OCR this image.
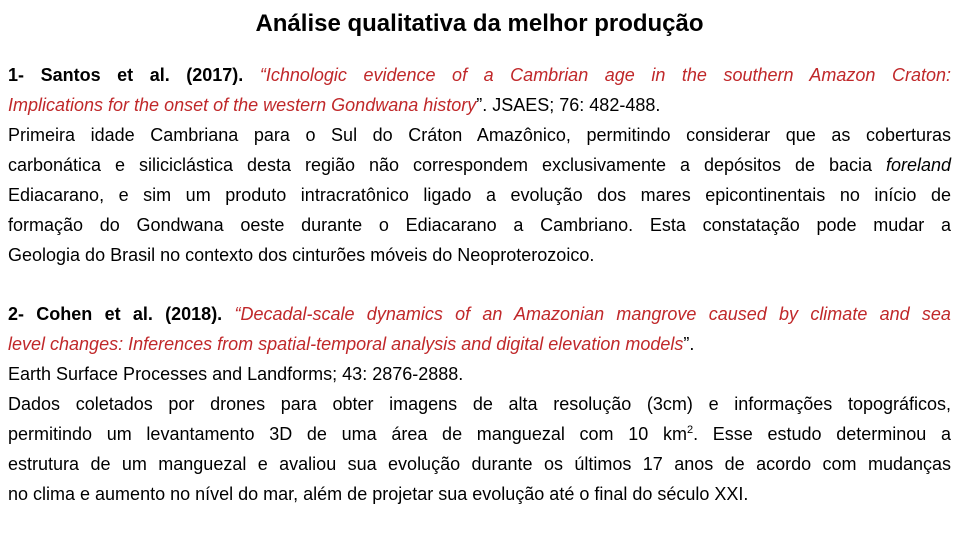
Análise qualitativa da melhor produção

1- Santos et al. (2017). “Ichnologic evidence of a Cambrian age in the southern Amazon Craton:

Implications for the onset of the western Gondwana history”. JSAES; 76: 482-488.

Primeira idade Cambriana para o Sul do Cráton Amazônico, permitindo considerar que as coberturas

carbonática e siliciclástica desta região não correspondem exclusivamente a depósitos de bacia foreland

Ediacarano, e sim um produto intracratônico ligado a evolução dos mares epicontinentais no início de

formação do Gondwana oeste durante o Ediacarano a Cambriano. Esta constatação pode mudar a

Geologia do Brasil no contexto dos cinturões móveis do Neoproterozoico.

2- Cohen et al. (2018). “Decadal-scale dynamics of an Amazonian mangrove caused by climate and sea

level changes: Inferences from spatial-temporal analysis and digital elevation models”.

Earth Surface Processes and Landforms; 43: 2876-2888.

Dados coletados por drones para obter imagens de alta resolução (3cm) e informações topográficos,

permitindo um levantamento 3D de uma área de manguezal com 10 $km^2$. Esse estudo determinou a

estrutura de um manguezal e avaliou sua evolução durante os últimos 17 anos de acordo com mudanças

no clima e aumento no nível do mar, além de projetar sua evolução até o final do século XXI.
